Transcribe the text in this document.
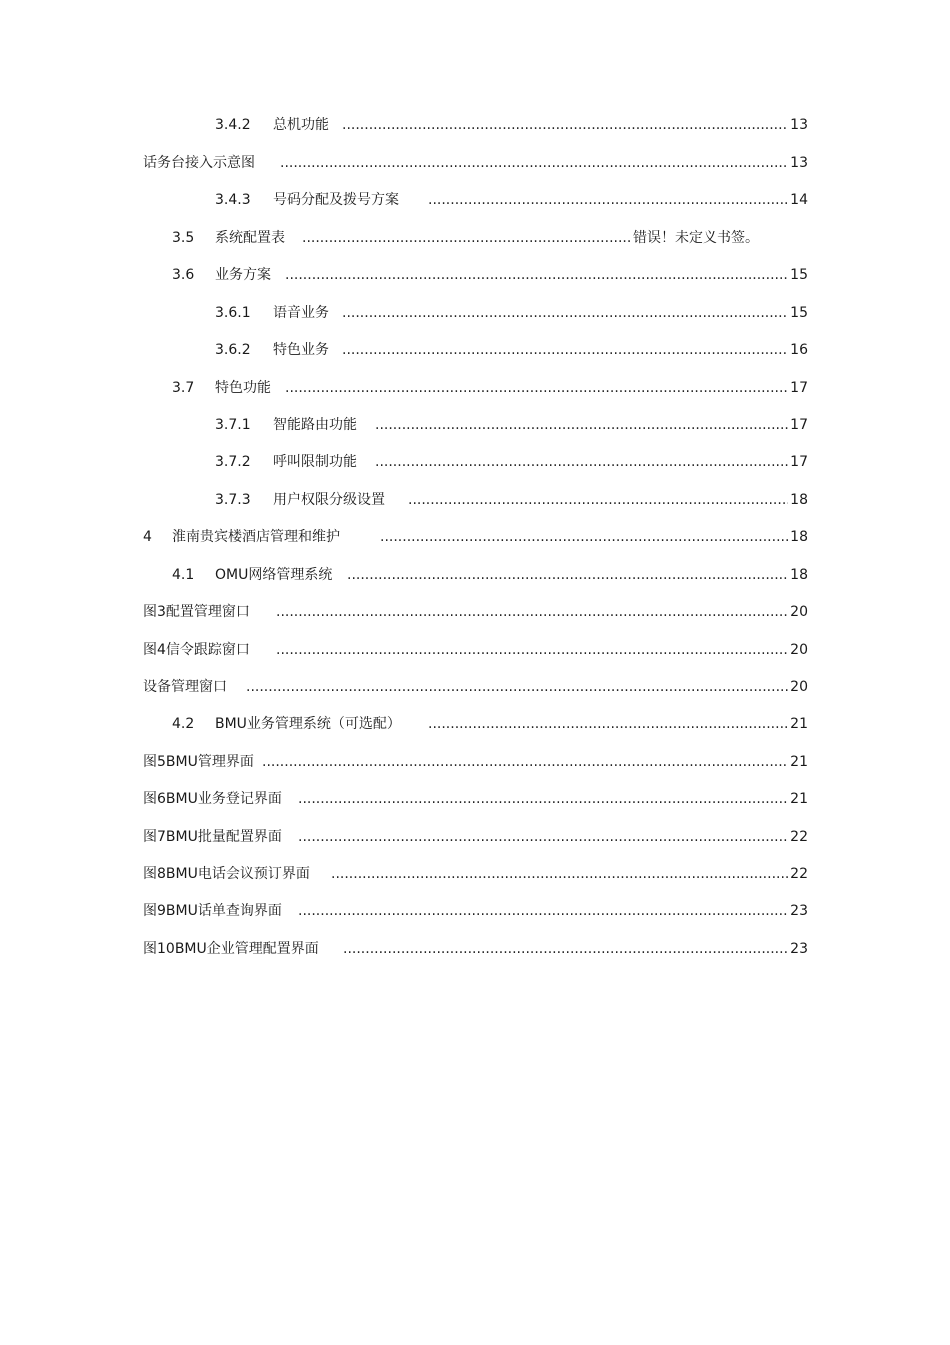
3.4.2 总机功能 .....	13
话务台接入示意图 .....	13
3.4.3 号码分配及拨号方案 .....	14
3.5 系统配置表 .....	错误！未定义书签。
3.6 业务方案 .....	15
3.6.1 语音业务 .....	15
3.6.2 特色业务 .....	16
3.7 特色功能 .....	17
3.7.1 智能路由功能 .....	17
3.7.2 呼叫限制功能 .....	17
3.7.3 用户权限分级设置 .....	18
4 淮南贵宾楼酒店管理和维护 .....	18
4.1 OMU网络管理系统 .....	18
图3配置管理窗口 .....	20
图4信令跟踪窗口 .....	20
设备管理窗口 .....	20
4.2 BMU业务管理系统（可选配） .....	21
图5BMU管理界面 .....	21
图6BMU业务登记界面 .....	21
图7BMU批量配置界面 .....	22
图8BMU电话会议预订界面 .....	22
图9BMU话单查询界面 .....	23
图10BMU企业管理配置界面 .....	23
